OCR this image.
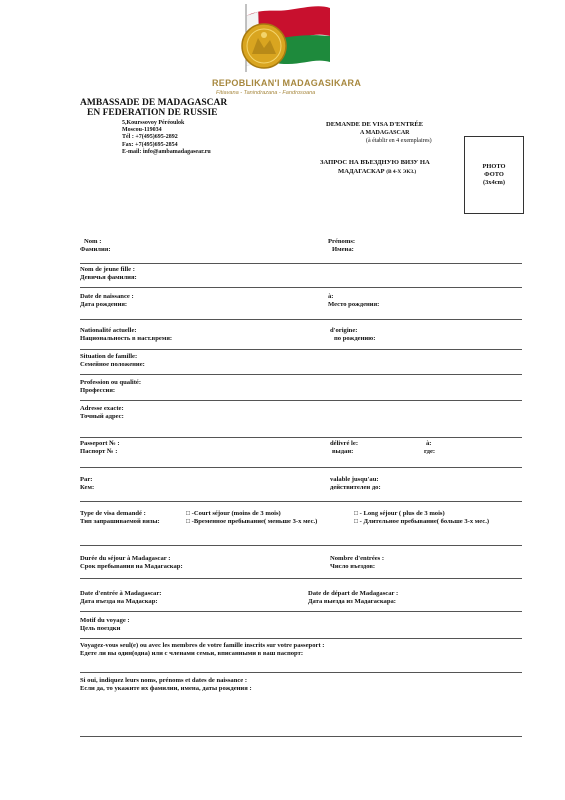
REPOBLIKAN'I MADAGASIKARA
Fitiavana - Tanindrazana - Fandrosoana
AMBASSADE DE MADAGASCAR
EN FEDERATION DE RUSSIE
5,Kourssovoy Péréoulok
Moscou-119034
Tél : +7(495)695-2892
Fax: +7(495)695-2854
E-mail: info@ambamadagasear.ru
DEMANDE DE VISA D'ENTRÉE
A MADAGASCAR
(à établir en 4 exemplaires)
ЗАПРОС НА ВЪЕЗДНУЮ ВИЗУ НА
МАДАГАСКАР (В 4-Х ЭКЗ.)
PHOTO
ФОТО
(3x4cm)
Nom :
Фамилия:
Prénoms:
Имена:
Nom de jeune fille :
Девичья фамилия:
Date de naissance :
Дата рождения:
à:
Место рождения:
Nationalité actuelle:
Национальность в наст.время:
d'origine:
по рождению:
Situation de famille:
Семейное положение:
Profession ou qualité:
Профессия:
Adresse exacte:
Точный адрес:
Passeport № :
Паспорт № :
délivré le:
выдан:
à:
где:
Par:
Кем:
valable jusqu'au:
действителен до:
Type de visa demandé :
Тип запрашиваемой визы:
□ -Court séjour (moins de 3 mois)
□ -Временное пребывание( меньше 3-х мес.)
□ - Long séjour ( plus de 3 mois)
□ - Длительное пребывание( больше 3-х мес.)
Durée du séjour à Madagascar :
Срок пребывания на Мадагаскар:
Nombre d'entrées :
Число въездов:
Date d'entrée à Madagascar:
Дата въезда на Мадаскар:
Date de départ de Madagascar :
Дата выезда из Мадагаскара:
Motif du voyage :
Цель поездки
Voyagez-vous seul(e) ou avec les membres de votre famille inscrits sur votre passeport :
Едете ли вы один(одна) или с членами семьи, вписанными в ваш паспорт:
Si oui, indiquez leurs noms, prénoms et dates de naissance :
Если да, то укажите их фамилии, имена, даты рождения :
